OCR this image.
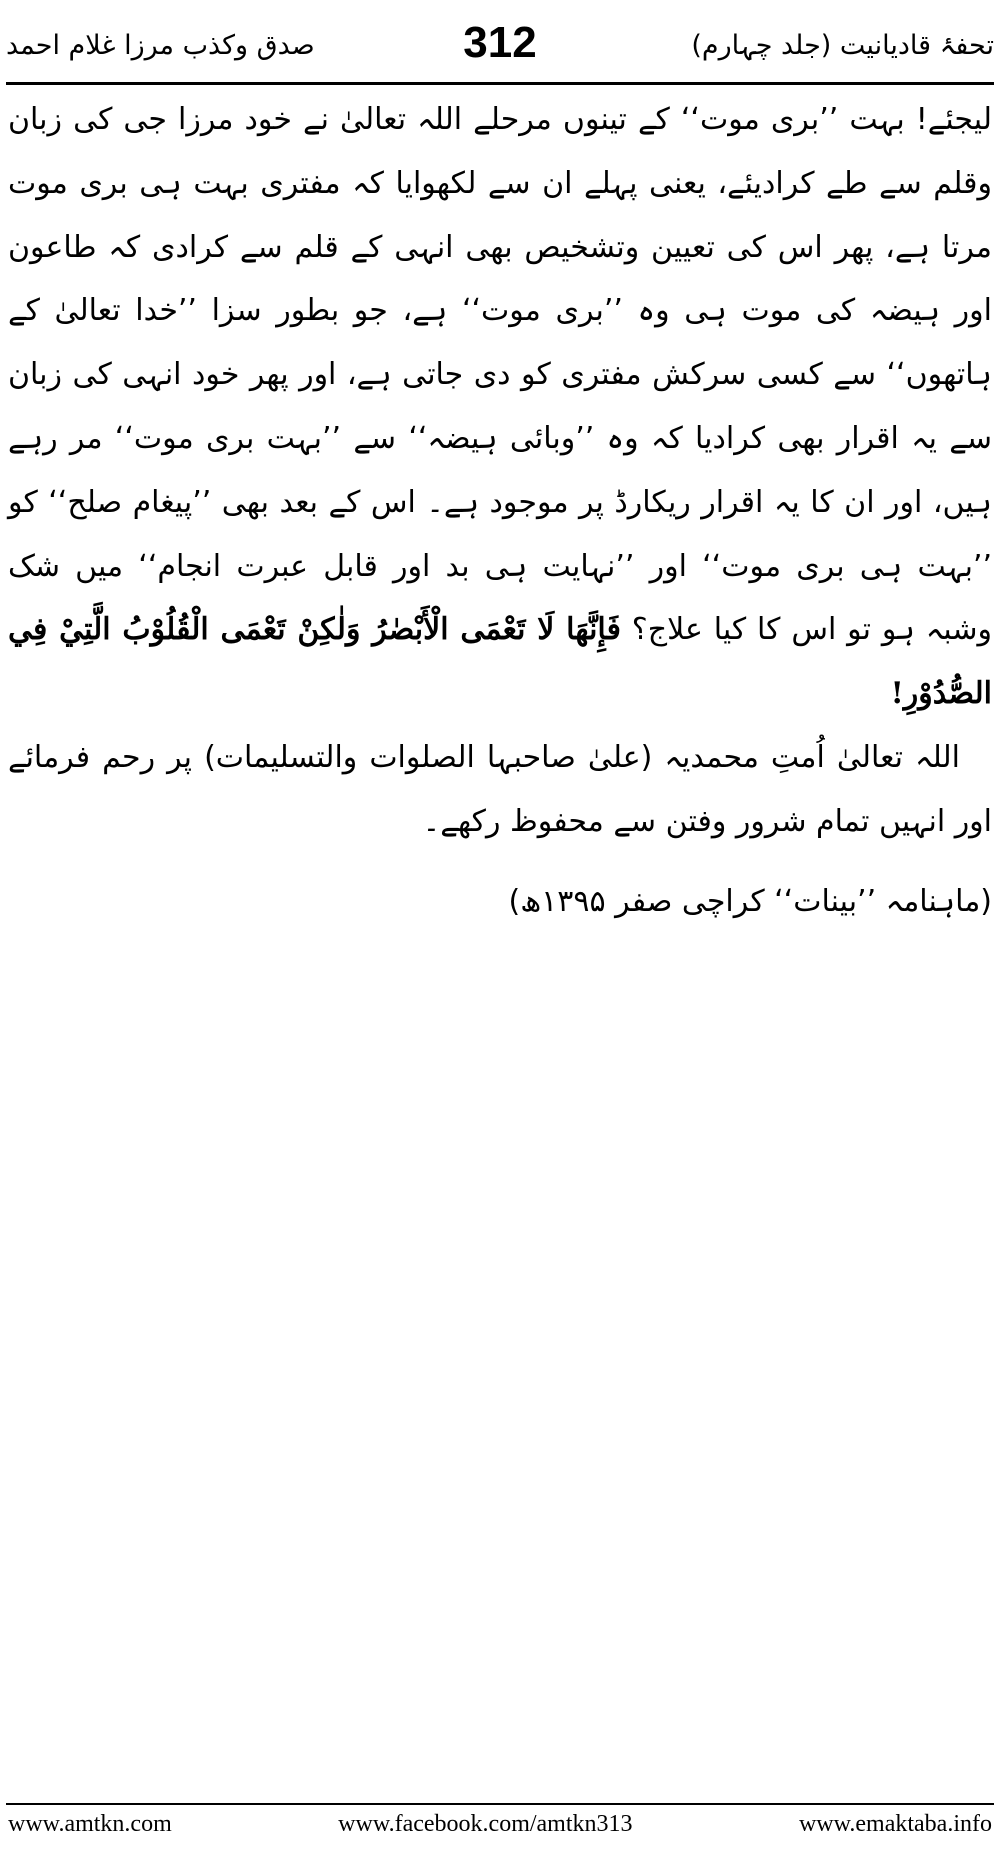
تحفۂ قادیانیت (جلد چہارم)
312
صدق وکذب مرزا غلام احمد

لیجئے! بہت ’’بری موت‘‘ کے تینوں مرحلے اللہ تعالیٰ نے خود مرزا جی کی زبان وقلم سے طے کرادیئے، یعنی پہلے ان سے لکھوایا کہ مفتری بہت ہی بری موت مرتا ہے، پھر اس کی تعیین وتشخیص بھی انہی کے قلم سے کرادی کہ طاعون اور ہیضہ کی موت ہی وہ ’’بری موت‘‘ ہے، جو بطور سزا ’’خدا تعالیٰ کے ہاتھوں‘‘ سے کسی سرکش مفتری کو دی جاتی ہے، اور پھر خود انہی کی زبان سے یہ اقرار بھی کرادیا کہ وہ ’’وبائی ہیضہ‘‘ سے ’’بہت بری موت‘‘ مر رہے ہیں، اور ان کا یہ اقرار ریکارڈ پر موجود ہے۔ اس کے بعد بھی ’’پیغام صلح‘‘ کو ’’بہت ہی بری موت‘‘ اور ’’نہایت ہی بد اور قابل عبرت انجام‘‘ میں شک وشبہ ہو تو اس کا کیا علاج؟ فَإِنَّهَا لَا تَعْمَى الْأَبْصٰرُ وَلٰكِنْ تَعْمَى الْقُلُوْبُ الَّتِيْ فِي الصُّدُوْرِ!

اللہ تعالیٰ اُمتِ محمدیہ (علیٰ صاحبہا الصلوات والتسلیمات) پر رحم فرمائے اور انہیں تمام شرور وفتن سے محفوظ رکھے۔

(ماہنامہ ’’بینات‘‘ کراچی صفر ۱۳۹۵ھ)

www.amtkn.com	www.facebook.com/amtkn313	www.emaktaba.info
